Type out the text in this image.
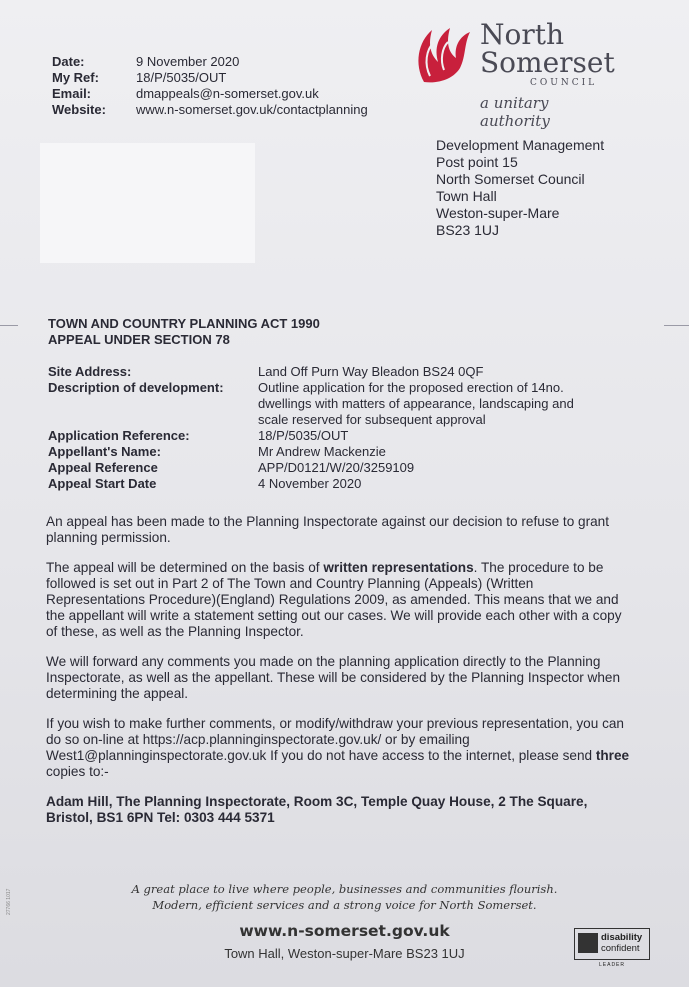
Date:	9 November 2020
My Ref:	18/P/5035/OUT
Email:	dmappeals@n-somerset.gov.uk
Website:	www.n-somerset.gov.uk/contactplanning
North
Somerset
COUNCIL
a unitary authority
Development Management
Post point 15
North Somerset Council
Town Hall
Weston-super-Mare
BS23 1UJ
TOWN AND COUNTRY PLANNING ACT 1990
APPEAL UNDER SECTION 78
Site Address:	Land Off Purn Way Bleadon BS24 0QF
Description of development:	Outline application for the proposed erection of 14no.
dwellings with matters of appearance, landscaping and
scale reserved for subsequent approval
Application Reference:	18/P/5035/OUT
Appellant's Name:	Mr Andrew Mackenzie
Appeal Reference	APP/D0121/W/20/3259109
Appeal Start Date	4 November 2020

An appeal has been made to the Planning Inspectorate against our decision to refuse to grant planning permission.

The appeal will be determined on the basis of written representations. The procedure to be followed is set out in Part 2 of The Town and Country Planning (Appeals) (Written Representations Procedure)(England) Regulations 2009, as amended. This means that we and the appellant will write a statement setting out our cases. We will provide each other with a copy of these, as well as the Planning Inspector.

We will forward any comments you made on the planning application directly to the Planning Inspectorate, as well as the appellant. These will be considered by the Planning Inspector when determining the appeal.

If you wish to make further comments, or modify/withdraw your previous representation, you can do so on-line at https://acp.planninginspectorate.gov.uk/ or by emailing West1@planninginspectorate.gov.uk If you do not have access to the internet, please send three copies to:-

Adam Hill, The Planning Inspectorate, Room 3C, Temple Quay House, 2 The Square, Bristol, BS1 6PN Tel: 0303 444 5371

A great place to live where people, businesses and communities flourish.
Modern, efficient services and a strong voice for North Somerset.
www.n-somerset.gov.uk
Town Hall, Weston-super-Mare BS23 1UJ
disability
confident
LEADER
27766 1017
